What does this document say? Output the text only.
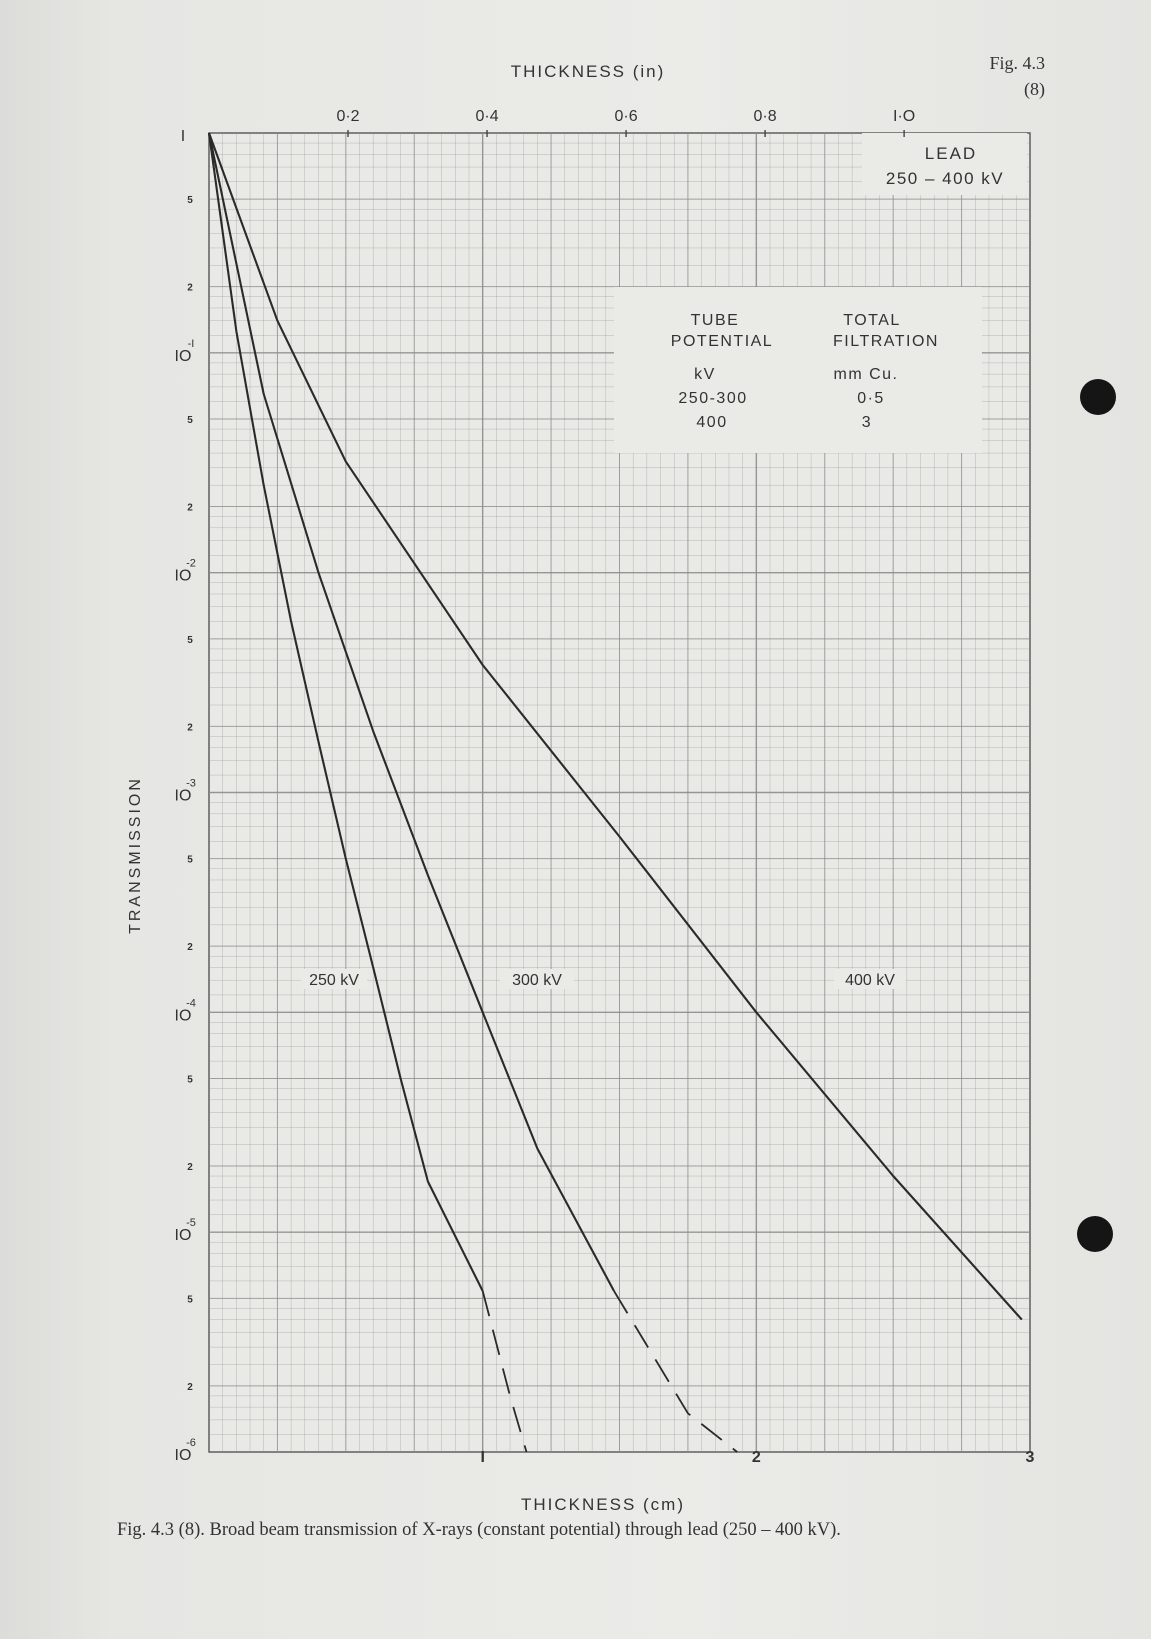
LEAD
250 – 400 kV
TUBE
POTENTIAL
TOTAL
FILTRATION
kV	mm Cu.
250-300	0·5
400	3
250 kV	300 kV	400 kV
I	2	3
0·2	0·4	0·6	0·8	I·O
I
IO
-I
IO
-2
IO
-3
IO
-4
IO
-5
IO
-6
5
2
5
2
5
2
5
2
5
2
5
2
THICKNESS (in)
THICKNESS (cm)
TRANSMISSION
Fig. 4.3
(8)
Fig. 4.3 (8). Broad beam transmission of X-rays (constant potential) through lead (250 – 400 kV).
